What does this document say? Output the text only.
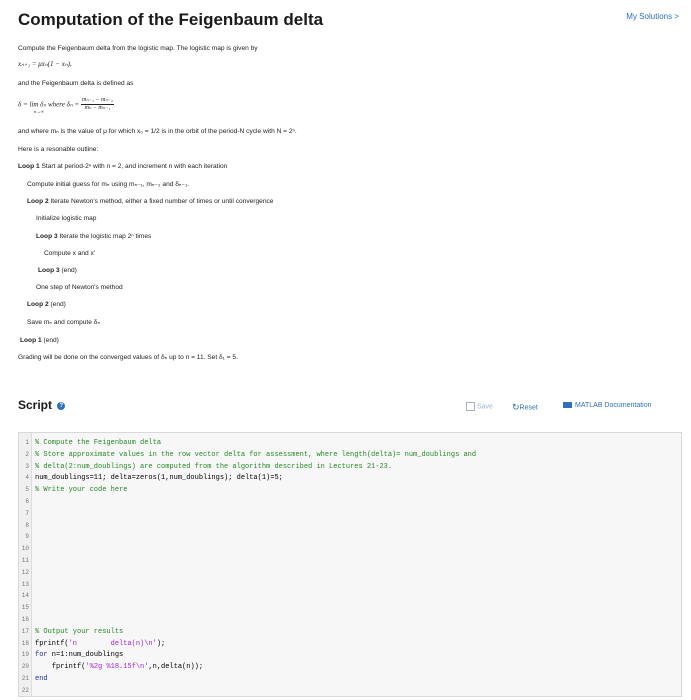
Computation of the Feigenbaum delta	My Solutions >
Compute the Feigenbaum delta from the logistic map. The logistic map is given by
xₙ₊₁ = μxₙ(1 − xₙ),
and the Feigenbaum delta is defined as
δ = lim δₙ where $\delta_n = \frac{\text{mₙ₋₁ − mₙ₋₂}}{\text{mₙ − mₙ₋₁}}$
n→∞
and where mₙ is the value of μ for which x₀ = 1/2 is in the orbit of the period-N cycle with N = 2ⁿ.
Here is a resonable outline:
Loop 1 Start at period-2ⁿ with n = 2, and increment n with each iteration
Compute initial guess for mₙ using mₙ₋₁, mₙ₋₂ and δₙ₋₁.
Loop 2 Iterate Newton's method, either a fixed number of times or until convergence
Initialize logistic map
Loop 3 Iterate the logistic map 2ⁿ times
Compute x and x′
Loop 3 (end)
One step of Newton's method
Loop 2 (end)
Save mₙ and compute δₙ
Loop 1 (end)
Grading will be done on the converged values of δₙ up to n = 11. Set δ₁ = 5.
Script ?	Save ↻Reset	MATLAB Documentation
1 % Compute the Feigenbaum delta
2 % Store approximate values in the row vector delta for assessment, where length(delta)= num_doublings and
3 % delta(2:num_doublings) are computed from the algorithm described in Lectures 21-23.
4 num_doublings=11; delta=zeros(1,num_doublings); delta(1)=5;
5 % Write your code here
6
7
8
9
10
11
12
13
14
15
16
17 % Output your results
18 fprintf('n        delta(n)\n');
19 for n=1:num_doublings
20    fprintf('%2g %18.15f\n',n,delta(n));
21 end
22
